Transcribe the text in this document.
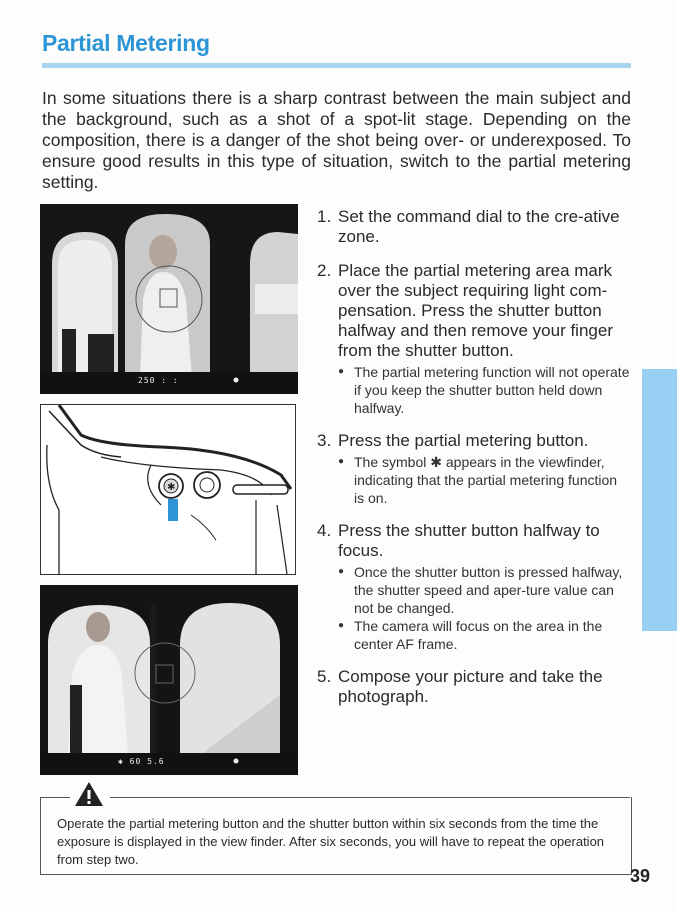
Partial Metering

In some situations there is a sharp contrast between the main subject and the background, such as a shot of a spot-lit stage. Depending on the composition, there is a danger of the shot being over- or underexposed. To ensure good results in this type of situation, switch to the partial metering setting.

250 : :
✱
✱ 60 5.6
1. Set the command dial to the cre-ative zone.
2. Place the partial metering area mark over the subject requiring light com-pensation. Press the shutter button halfway and then remove your finger from the shutter button.
● The partial metering function will not operate if you keep the shutter button held down halfway.
3. Press the partial metering button.
● The symbol ✱ appears in the viewfinder, indicating that the partial metering function is on.
4. Press the shutter button halfway to focus.
● Once the shutter button is pressed halfway, the shutter speed and aper-ture value can not be changed.
● The camera will focus on the area in the center AF frame.
5. Compose your picture and take the photograph.

Operate the partial metering button and the shutter button within six seconds from the time the exposure is displayed in the view finder. After six seconds, you will have to repeat the operation from step two.

39
